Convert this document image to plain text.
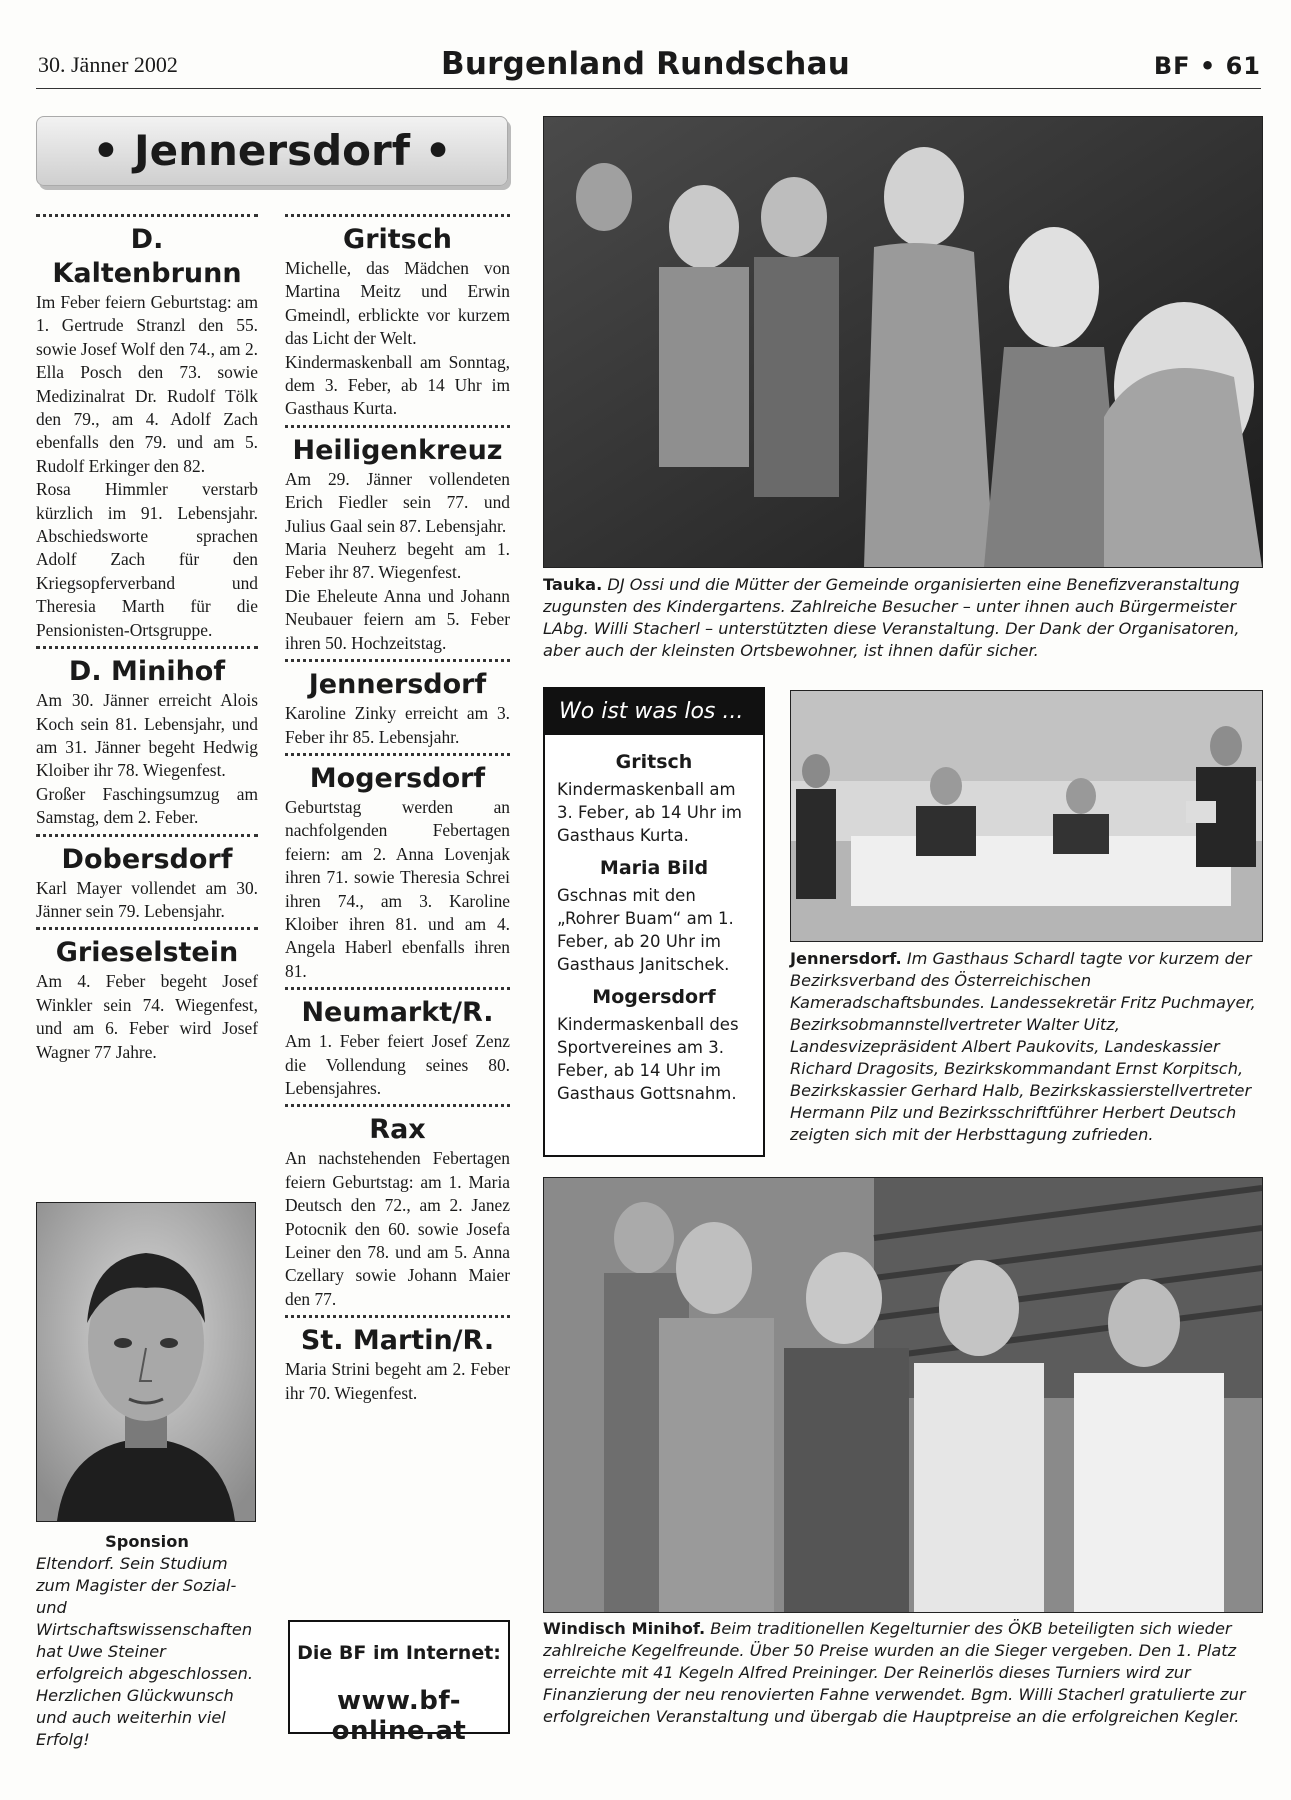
30. Jänner 2002	Burgenland Rundschau	BF • 61
• Jennersdorf •
D. Kaltenbrunn

Im Feber feiern Geburtstag: am 1. Gertrude Stranzl den 55. sowie Josef Wolf den 74., am 2. Ella Posch den 73. sowie Medizinalrat Dr. Rudolf Tölk den 79., am 4. Adolf Zach ebenfalls den 79. und am 5. Rudolf Erkinger den 82.

Rosa Himmler verstarb kürzlich im 91. Lebensjahr. Abschiedsworte sprachen Adolf Zach für den Kriegsopferverband und Theresia Marth für die Pensionisten-Ortsgruppe.

D. Minihof

Am 30. Jänner erreicht Alois Koch sein 81. Lebensjahr, und am 31. Jänner begeht Hedwig Kloiber ihr 78. Wiegenfest.

Großer Faschingsumzug am Samstag, dem 2. Feber.

Dobersdorf

Karl Mayer vollendet am 30. Jänner sein 79. Lebensjahr.

Grieselstein

Am 4. Feber begeht Josef Winkler sein 74. Wiegenfest, und am 6. Feber wird Josef Wagner 77 Jahre.

Sponsion
Eltendorf. Sein Studium zum Magister der Sozial- und Wirtschaftswissenschaften hat Uwe Steiner erfolgreich abgeschlossen. Herzlichen Glückwunsch und auch weiterhin viel Erfolg!
Gritsch

Michelle, das Mädchen von Martina Meitz und Erwin Gmeindl, erblickte vor kurzem das Licht der Welt.

Kindermaskenball am Sonntag, dem 3. Feber, ab 14 Uhr im Gasthaus Kurta.

Heiligenkreuz

Am 29. Jänner vollendeten Erich Fiedler sein 77. und Julius Gaal sein 87. Lebensjahr.

Maria Neuherz begeht am 1. Feber ihr 87. Wiegenfest.

Die Eheleute Anna und Johann Neubauer feiern am 5. Feber ihren 50. Hochzeitstag.

Jennersdorf

Karoline Zinky erreicht am 3. Feber ihr 85. Lebensjahr.

Mogersdorf

Geburtstag werden an nachfolgenden Febertagen feiern: am 2. Anna Lovenjak ihren 71. sowie Theresia Schrei ihren 74., am 3. Karoline Kloiber ihren 81. und am 4. Angela Haberl ebenfalls ihren 81.

Neumarkt/R.

Am 1. Feber feiert Josef Zenz die Vollendung seines 80. Lebensjahres.

Rax

An nachstehenden Febertagen feiern Geburtstag: am 1. Maria Deutsch den 72., am 2. Janez Potocnik den 60. sowie Josefa Leiner den 78. und am 5. Anna Czellary sowie Johann Maier den 77.

St. Martin/R.

Maria Strini begeht am 2. Feber ihr 70. Wiegenfest.

Die BF im Internet:
www.bf-online.at
Tauka. DJ Ossi und die Mütter der Gemeinde organisierten eine Benefizveranstaltung zugunsten des Kindergartens. Zahlreiche Besucher – unter ihnen auch Bürgermeister LAbg. Willi Stacherl – unterstützten diese Veranstaltung. Der Dank der Organisatoren, aber auch der kleinsten Ortsbewohner, ist ihnen dafür sicher.
Wo ist was los ...
Gritsch
Kindermaskenball am 3. Feber, ab 14 Uhr im Gasthaus Kurta.
Maria Bild
Gschnas mit den „Rohrer Buam“ am 1. Feber, ab 20 Uhr im Gasthaus Janitschek.
Mogersdorf
Kindermaskenball des Sportvereines am 3. Feber, ab 14 Uhr im Gasthaus Gottsnahm.
Jennersdorf. Im Gasthaus Schardl tagte vor kurzem der Bezirksverband des Österreichischen Kameradschaftsbundes. Landessekretär Fritz Puchmayer, Bezirksobmannstellvertreter Walter Uitz, Landesvizepräsident Albert Paukovits, Landeskassier Richard Dragosits, Bezirkskommandant Ernst Korpitsch, Bezirkskassier Gerhard Halb, Bezirkskassierstellvertreter Hermann Pilz und Bezirksschriftführer Herbert Deutsch zeigten sich mit der Herbsttagung zufrieden.
Windisch Minihof. Beim traditionellen Kegelturnier des ÖKB beteiligten sich wieder zahlreiche Kegelfreunde. Über 50 Preise wurden an die Sieger vergeben. Den 1. Platz erreichte mit 41 Kegeln Alfred Preininger. Der Reinerlös dieses Turniers wird zur Finanzierung der neu renovierten Fahne verwendet. Bgm. Willi Stacherl gratulierte zur erfolgreichen Veranstaltung und übergab die Hauptpreise an die erfolgreichen Kegler.
